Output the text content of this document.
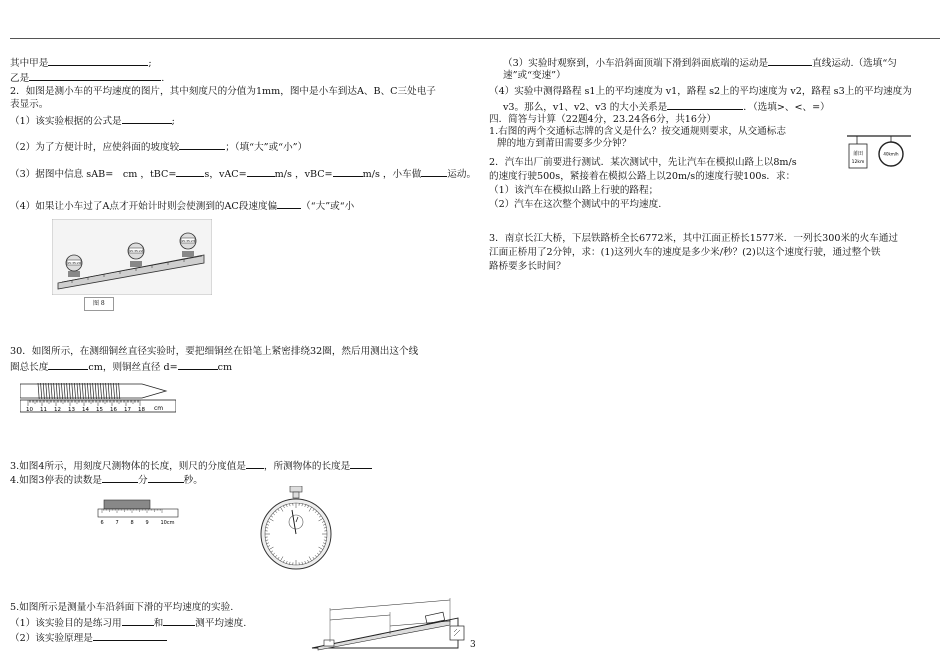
其中甲是	;
乙是	.
2．如图是测小车的平均速度的图片，其中刻度尺的分值为1mm，图中是小车到达A、B、C三处电子
表显示。
（1）该实验根据的公式是	;
（2）为了方便计时，应使斜面的坡度较	；（填“大”或“小”）
（3）据图中信息 sAB=　cm ，tBC=	s，vAC=	m/s ，vBC=	m/s ，小车做	运动。
（4）如果让小车过了A点才开始计时则会使测到的AC段速度偏	（“大”或“小
15:35:20
15:35:22
15:35:23
图 8
30．如图所示，在测细铜丝直径实验时，要把细铜丝在铅笔上紧密排绕32圈，然后用测出这个线
圈总长度	cm，则铜丝直径 d=	cm
10 11 12 13 14 15 16 17 18 cm
3.如图4所示，用刻度尺测物体的长度，则尺的分度值是 ，所测物体的长度是
4.如图3停表的读数是	分	秒。
6 7 8 9 10cm
5.如图所示是测量小车沿斜面下滑的平均速度的实验.
（1）该实验目的是练习用	和	测平均速度.
（2）该实验原理是
（3）实验时观察到，小车沿斜面顶端下滑到斜面底端的运动是	直线运动.（选填“匀
速”或“变速”）
（4）实验中测得路程 s1上的平均速度为 v1，路程 s2上的平均速度为 v2，路程 s3上的平均速度为
v3。那么，v1、v2、v3 的大小关系是	．（选填>、<、=）
四．简答与计算（22题4分，23.24各6分，共16分）
1.右图的两个交通标志牌的含义是什么？按交通规则要求，从交通标志
牌的地方到莆田需要多少分钟？
莆田
12km
40km/h
2．汽车出厂前要进行测试．某次测试中，先让汽车在模拟山路上以8m/s
的速度行驶500s，紧接着在模拟公路上以20m/s的速度行驶100s．求：
（1）该汽车在模拟山路上行驶的路程；
（2）汽车在这次整个测试中的平均速度.
3．南京长江大桥，下层铁路桥全长6772米，其中江面正桥长1577米．一列长300米的火车通过
江面正桥用了2分钟，求：(1)这列火车的速度是多少米/秒？(2)以这个速度行驶，通过整个铁
路桥要多长时间？
3
